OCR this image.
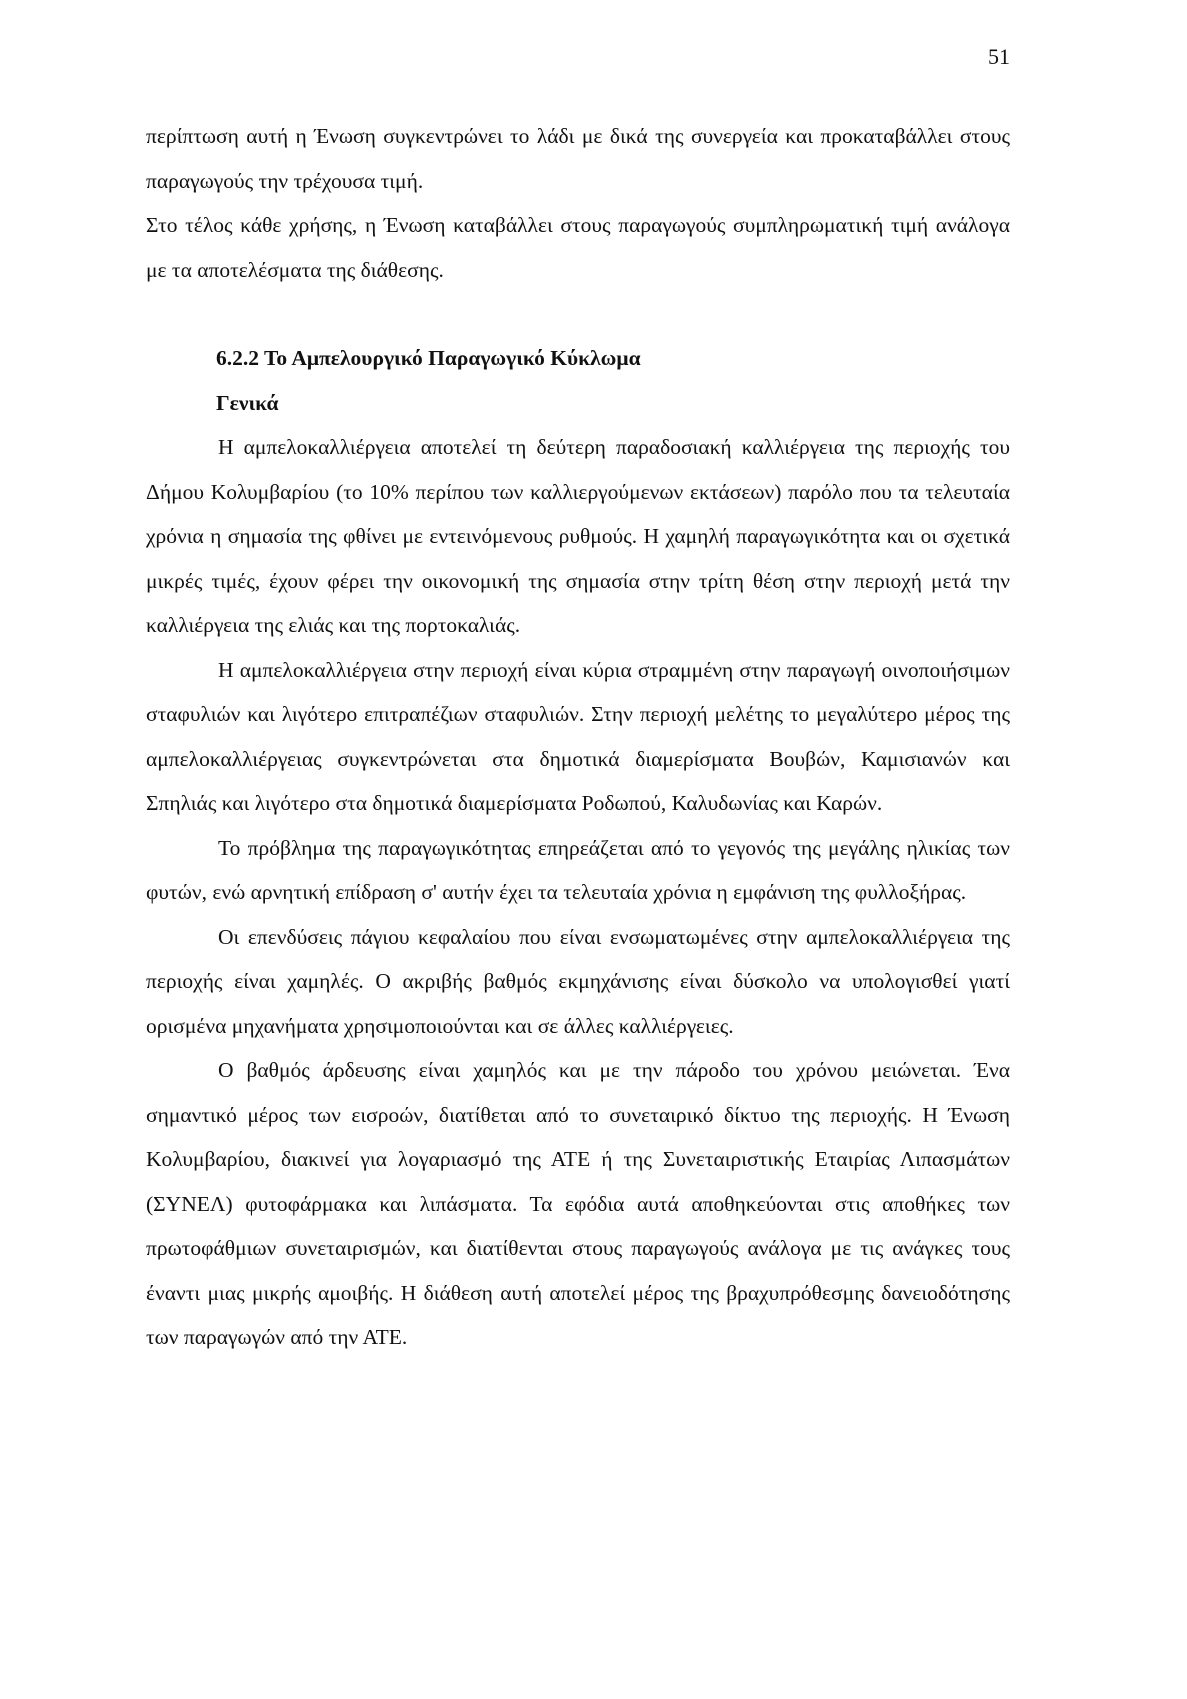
51

περίπτωση αυτή η Ένωση συγκεντρώνει το λάδι με δικά της συνεργεία και προκαταβάλλει στους παραγωγούς την τρέχουσα τιμή.

Στο τέλος κάθε χρήσης, η Ένωση καταβάλλει στους παραγωγούς συμπληρωματική τιμή ανάλογα με τα αποτελέσματα της διάθεσης.

6.2.2 Το Αμπελουργικό Παραγωγικό Κύκλωμα

Γενικά

Η αμπελοκαλλιέργεια αποτελεί τη δεύτερη παραδοσιακή καλλιέργεια της περιοχής του Δήμου Κολυμβαρίου (το 10% περίπου των καλλιεργούμενων εκτάσεων) παρόλο που τα τελευταία χρόνια η σημασία της φθίνει με εντεινόμενους ρυθμούς. Η χαμηλή παραγωγικότητα και οι σχετικά μικρές τιμές, έχουν φέρει την οικονομική της σημασία στην τρίτη θέση στην περιοχή μετά την καλλιέργεια της ελιάς και της πορτοκαλιάς.

Η αμπελοκαλλιέργεια στην περιοχή είναι κύρια στραμμένη στην παραγωγή οινοποιήσιμων σταφυλιών και λιγότερο επιτραπέζιων σταφυλιών. Στην περιοχή μελέτης το μεγαλύτερο μέρος της αμπελοκαλλιέργειας συγκεντρώνεται στα δημοτικά διαμερίσματα Βουβών, Καμισιανών και Σπηλιάς και λιγότερο στα δημοτικά διαμερίσματα Ροδωπού, Καλυδωνίας και Καρών.

Το πρόβλημα της παραγωγικότητας επηρεάζεται από το γεγονός της μεγάλης ηλικίας των φυτών, ενώ αρνητική επίδραση σ' αυτήν έχει τα τελευταία χρόνια η εμφάνιση της φυλλοξήρας.

Οι επενδύσεις πάγιου κεφαλαίου που είναι ενσωματωμένες στην αμπελοκαλλιέργεια της περιοχής είναι χαμηλές. Ο ακριβής βαθμός εκμηχάνισης είναι δύσκολο να υπολογισθεί γιατί ορισμένα μηχανήματα χρησιμοποιούνται και σε άλλες καλλιέργειες.

Ο βαθμός άρδευσης είναι χαμηλός και με την πάροδο του χρόνου μειώνεται. Ένα σημαντικό μέρος των εισροών, διατίθεται από το συνεταιρικό δίκτυο της περιοχής. Η Ένωση Κολυμβαρίου, διακινεί για λογαριασμό της ΑΤΕ ή της Συνεταιριστικής Εταιρίας Λιπασμάτων (ΣΥΝΕΛ) φυτοφάρμακα και λιπάσματα. Τα εφόδια αυτά αποθηκεύονται στις αποθήκες των πρωτοφάθμιων συνεταιρισμών, και διατίθενται στους παραγωγούς ανάλογα με τις ανάγκες τους έναντι μιας μικρής αμοιβής. Η διάθεση αυτή αποτελεί μέρος της βραχυπρόθεσμης δανειοδότησης των παραγωγών από την ΑΤΕ.
